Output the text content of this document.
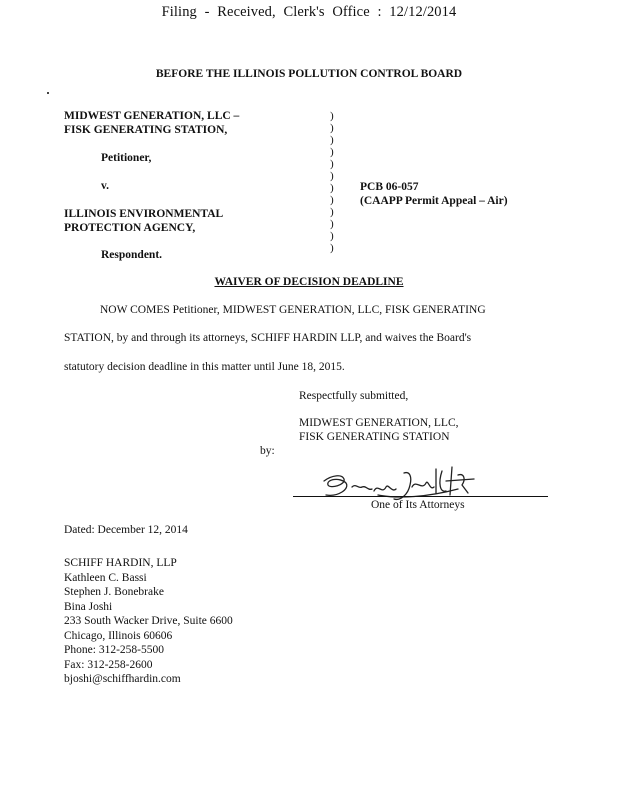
Filing - Received, Clerk's Office : 12/12/2014
BEFORE THE ILLINOIS POLLUTION CONTROL BOARD
MIDWEST GENERATION, LLC –
FISK GENERATING STATION,
Petitioner,
v.
ILLINOIS ENVIRONMENTAL
PROTECTION AGENCY,
Respondent.
)
)
)
)
)
)
)
)
)
)
)
)
PCB 06-057
(CAAPP Permit Appeal – Air)
WAIVER OF DECISION DEADLINE
NOW COMES Petitioner, MIDWEST GENERATION, LLC, FISK GENERATING
STATION, by and through its attorneys, SCHIFF HARDIN LLP, and waives the Board's
statutory decision deadline in this matter until June 18, 2015.
Respectfully submitted,
MIDWEST GENERATION, LLC,
FISK GENERATING STATION
by:
One of Its Attorneys
Dated: December 12, 2014
SCHIFF HARDIN, LLP
Kathleen C. Bassi
Stephen J. Bonebrake
Bina Joshi
233 South Wacker Drive, Suite 6600
Chicago, Illinois 60606
Phone: 312-258-5500
Fax: 312-258-2600
bjoshi@schiffhardin.com
